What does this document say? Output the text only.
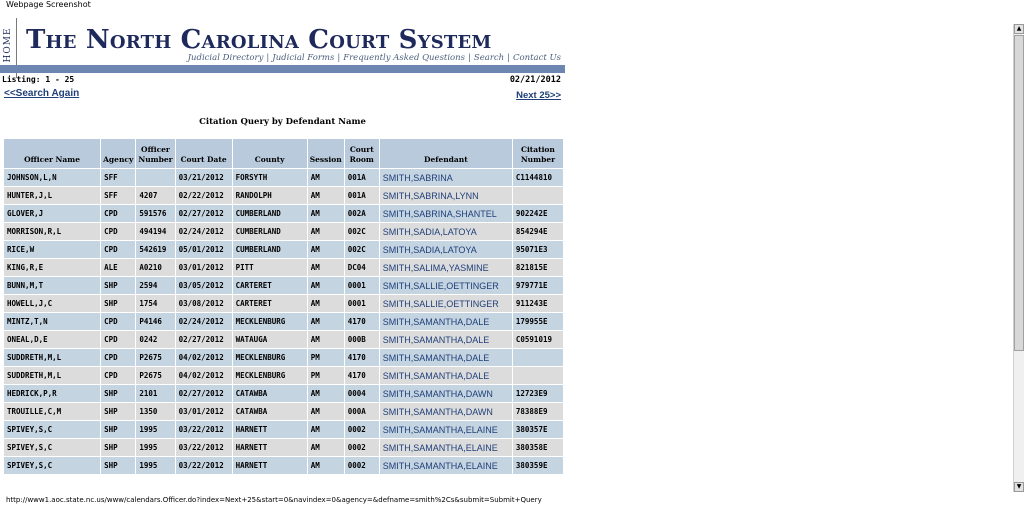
Webpage Screenshot
HOME The North Carolina Court System
Judicial Directory | Judicial Forms | Frequently Asked Questions | Search | Contact Us
Listing: 1 - 25	02/21/2012
<<Search Again	Next 25>>
Citation Query by Defendant Name
Officer Name	Agency	Officer Number	Court Date	County	Session	Court Room	Defendant	Citation Number
JOHNSON,L,N	SFF		03/21/2012	FORSYTH	AM	001A	SMITH,SABRINA	C1144810
HUNTER,J,L	SFF	4207	02/22/2012	RANDOLPH	AM	001A	SMITH,SABRINA,LYNN	
GLOVER,J	CPD	591576	02/27/2012	CUMBERLAND	AM	002A	SMITH,SABRINA,SHANTEL	902242E
MORRISON,R,L	CPD	494194	02/24/2012	CUMBERLAND	AM	002C	SMITH,SADIA,LATOYA	854294E
RICE,W	CPD	542619	05/01/2012	CUMBERLAND	AM	002C	SMITH,SADIA,LATOYA	95071E3
KING,R,E	ALE	A0210	03/01/2012	PITT	AM	DC04	SMITH,SALIMA,YASMINE	821815E
BUNN,M,T	SHP	2594	03/05/2012	CARTERET	AM	0001	SMITH,SALLIE,OETTINGER	979771E
HOWELL,J,C	SHP	1754	03/08/2012	CARTERET	AM	0001	SMITH,SALLIE,OETTINGER	911243E
MINTZ,T,N	CPD	P4146	02/24/2012	MECKLENBURG	AM	4170	SMITH,SAMANTHA,DALE	179955E
ONEAL,D,E	CPD	0242	02/27/2012	WATAUGA	AM	000B	SMITH,SAMANTHA,DALE	C0591019
SUDDRETH,M,L	CPD	P2675	04/02/2012	MECKLENBURG	PM	4170	SMITH,SAMANTHA,DALE	
SUDDRETH,M,L	CPD	P2675	04/02/2012	MECKLENBURG	PM	4170	SMITH,SAMANTHA,DALE	
HEDRICK,P,R	SHP	2101	02/27/2012	CATAWBA	AM	0004	SMITH,SAMANTHA,DAWN	12723E9
TROUILLE,C,M	SHP	1350	03/01/2012	CATAWBA	AM	000A	SMITH,SAMANTHA,DAWN	78388E9
SPIVEY,S,C	SHP	1995	03/22/2012	HARNETT	AM	0002	SMITH,SAMANTHA,ELAINE	380357E
SPIVEY,S,C	SHP	1995	03/22/2012	HARNETT	AM	0002	SMITH,SAMANTHA,ELAINE	380358E
SPIVEY,S,C	SHP	1995	03/22/2012	HARNETT	AM	0002	SMITH,SAMANTHA,ELAINE	380359E
http://www1.aoc.state.nc.us/www/calendars.Officer.do?index=Next+25&start=0&navindex=0&agency=&defname=smith%2Cs&submit=Submit+Query
▲
▼
